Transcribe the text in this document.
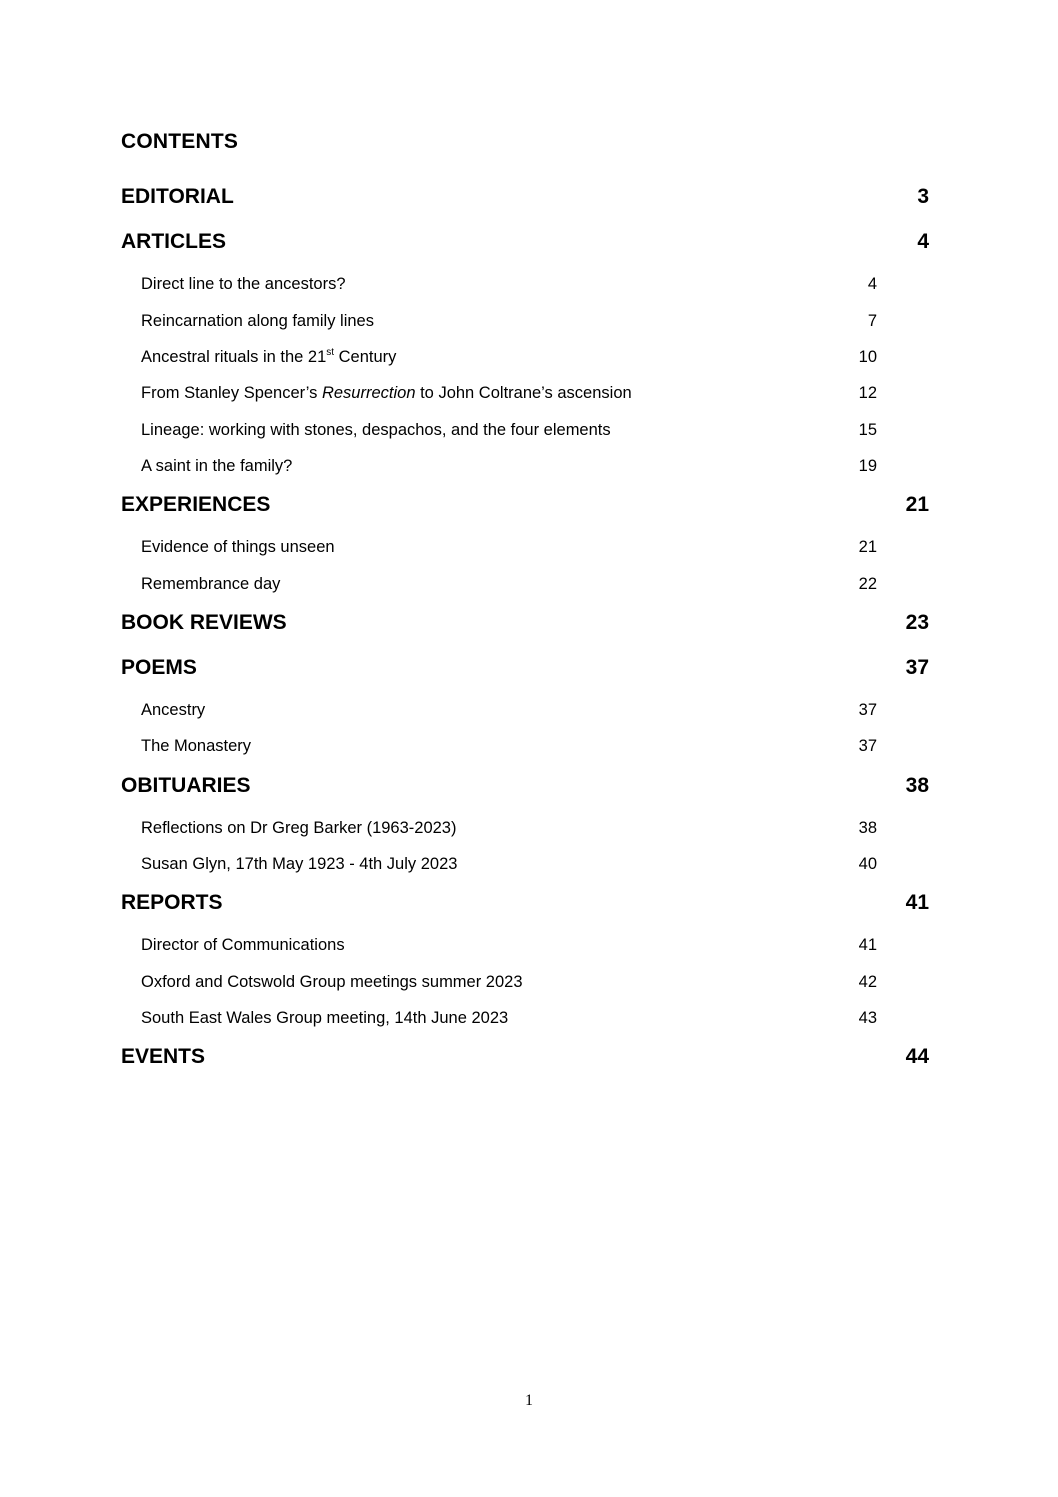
CONTENTS
EDITORIAL	3
ARTICLES	4
Direct line to the ancestors?	4
Reincarnation along family lines	7
Ancestral rituals in the 21st Century	10
From Stanley Spencer’s Resurrection to John Coltrane’s ascension	12
Lineage: working with stones, despachos, and the four elements	15
A saint in the family?	19
EXPERIENCES	21
Evidence of things unseen	21
Remembrance day	22
BOOK REVIEWS	23
POEMS	37
Ancestry	37
The Monastery	37
OBITUARIES	38
Reflections on Dr Greg Barker (1963-2023)	38
Susan Glyn, 17th May 1923 - 4th July 2023	40
REPORTS	41
Director of Communications	41
Oxford and Cotswold Group meetings summer 2023	42
South East Wales Group meeting, 14th June 2023	43
EVENTS	44
1
